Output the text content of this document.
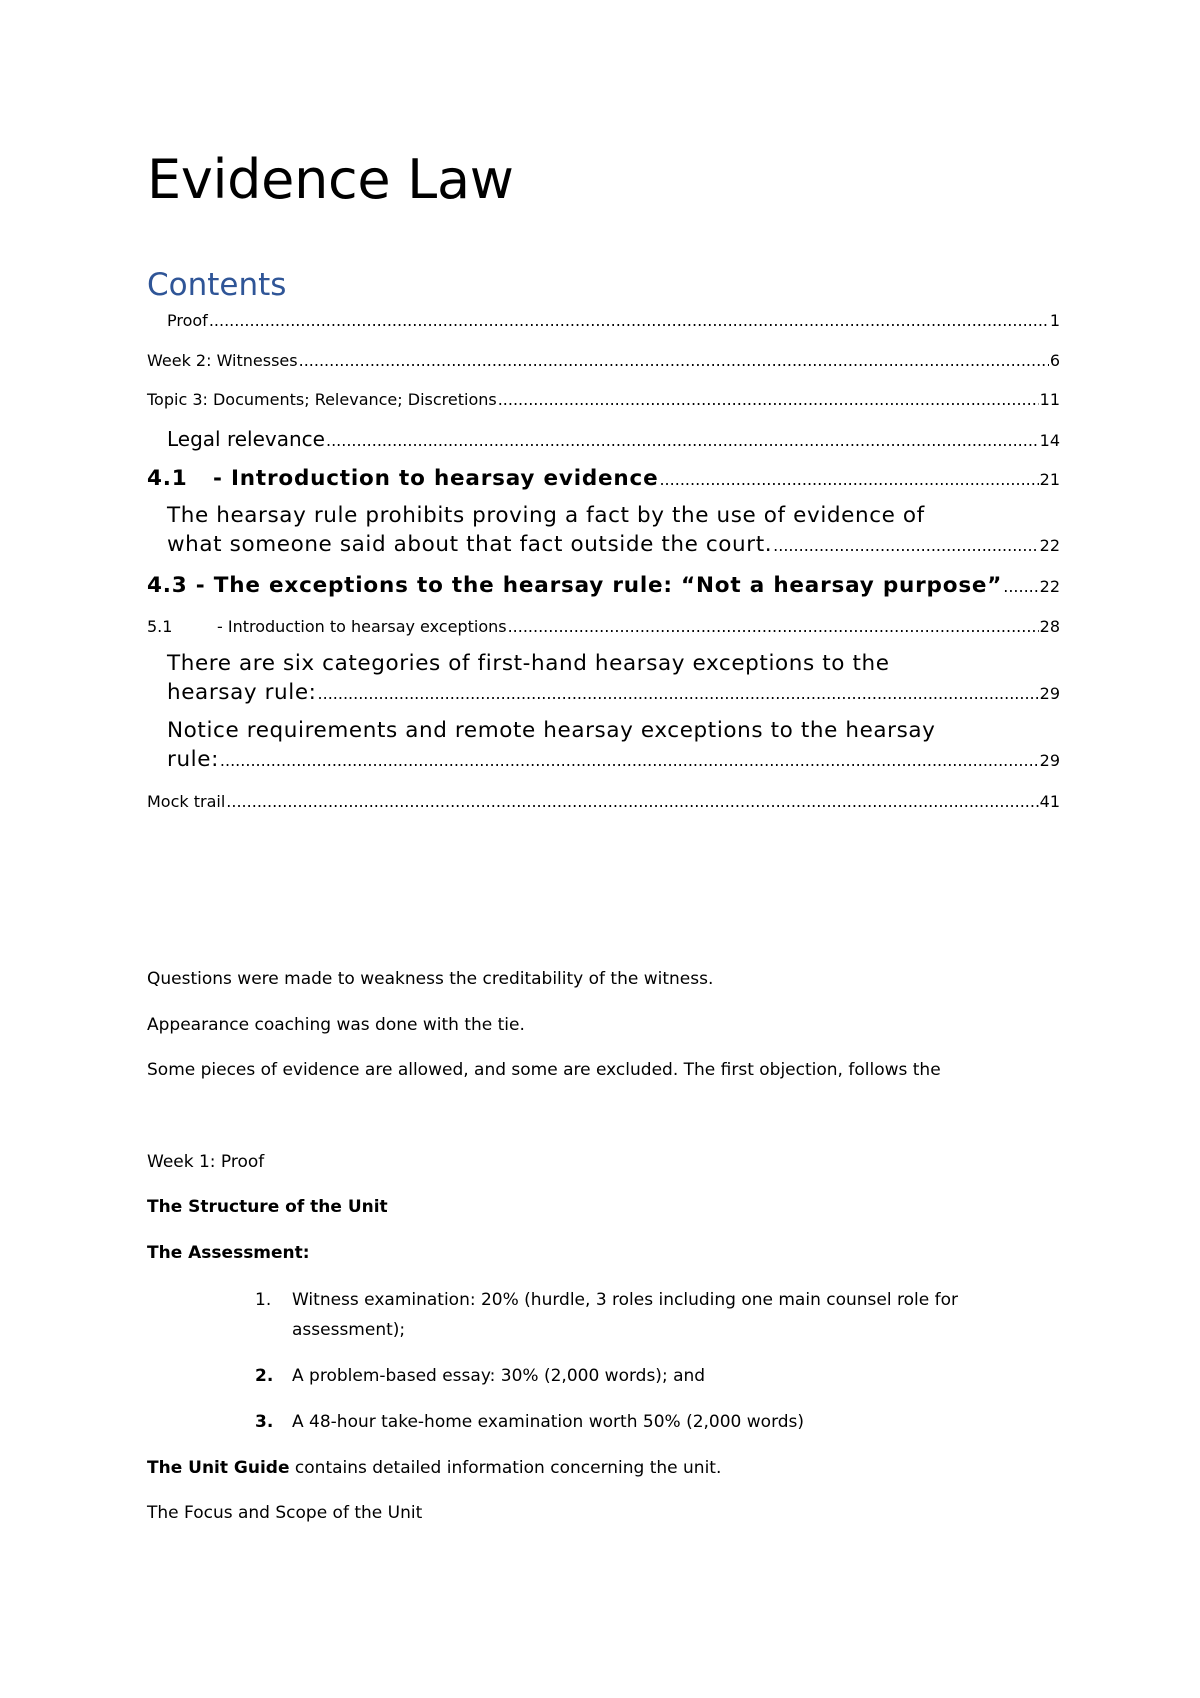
Evidence Law
Contents
Proof .....	1
Week 2: Witnesses .....	6
Topic 3: Documents; Relevance; Discretions .....	11
Legal relevance .....	14
4.1 - Introduction to hearsay evidence .....	21
The hearsay rule prohibits proving a fact by the use of evidence of
what someone said about that fact outside the court. .....	22
4.3 - The exceptions to the hearsay rule: “Not a hearsay purpose” ..... 22
5.1	- Introduction to hearsay exceptions .....	28
There are six categories of first-hand hearsay exceptions to the
hearsay rule: .....	29
Notice requirements and remote hearsay exceptions to the hearsay
rule: .....	29
Mock trail .....	41
Questions were made to weakness the creditability of the witness.
Appearance coaching was done with the tie.
Some pieces of evidence are allowed, and some are excluded. The first objection, follows the
Week 1: Proof
The Structure of the Unit
The Assessment:
1. Witness examination: 20% (hurdle, 3 roles including one main counsel role for assessment);
2. A problem-based essay: 30% (2,000 words); and
3. A 48-hour take-home examination worth 50% (2,000 words)
The Unit Guide contains detailed information concerning the unit.
The Focus and Scope of the Unit
